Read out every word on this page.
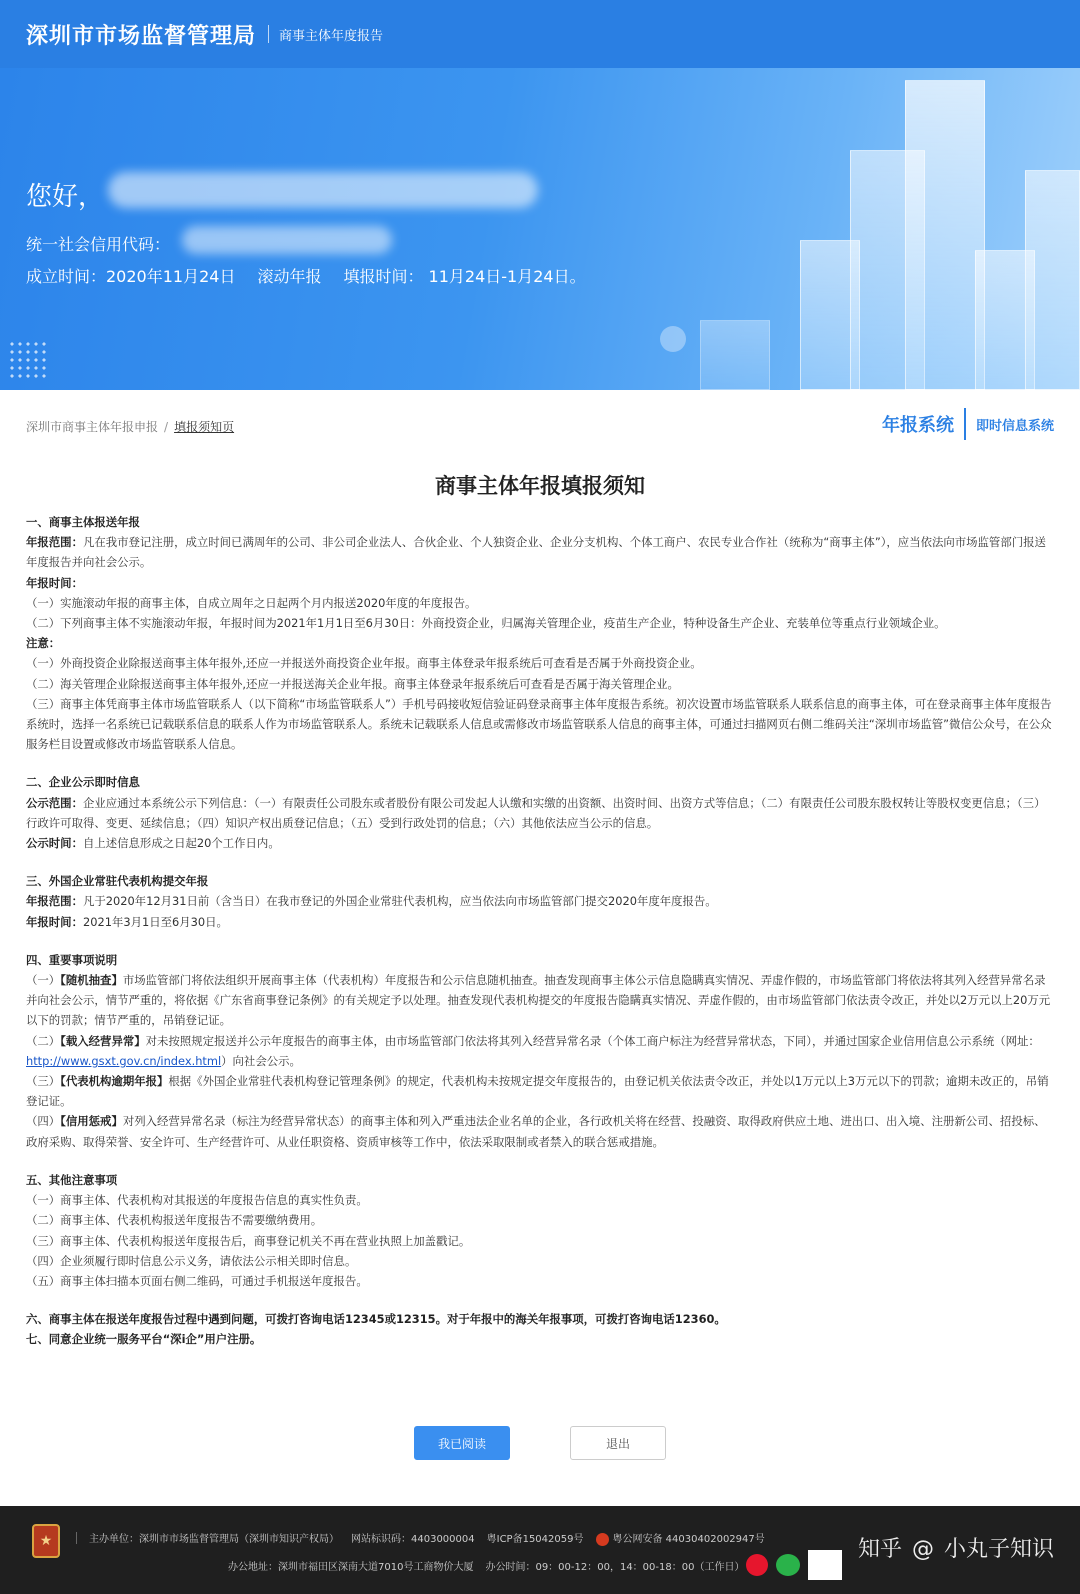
深圳市市场监督管理局 商事主体年度报告
您好，
统一社会信用代码：
成立时间：2020年11月24日 滚动年报 填报时间： 11月24日-1月24日。
深圳市商事主体年报申报 / 填报须知页	年报系统 即时信息系统
商事主体年报填报须知
一、商事主体报送年报
年报范围：凡在我市登记注册，成立时间已满周年的公司、非公司企业法人、合伙企业、个人独资企业、企业分支机构、个体工商户、农民专业合作社（统称为“商事主体”），应当依法向市场监管部门报送年度报告并向社会公示。
年报时间：
（一）实施滚动年报的商事主体，自成立周年之日起两个月内报送2020年度的年度报告。
（二）下列商事主体不实施滚动年报，年报时间为2021年1月1日至6月30日：外商投资企业，归属海关管理企业，疫苗生产企业，特种设备生产企业、充装单位等重点行业领域企业。
注意：
（一）外商投资企业除报送商事主体年报外,还应一并报送外商投资企业年报。商事主体登录年报系统后可查看是否属于外商投资企业。
（二）海关管理企业除报送商事主体年报外,还应一并报送海关企业年报。商事主体登录年报系统后可查看是否属于海关管理企业。
（三）商事主体凭商事主体市场监管联系人（以下简称“市场监管联系人”）手机号码接收短信验证码登录商事主体年度报告系统。初次设置市场监管联系人联系信息的商事主体，可在登录商事主体年度报告系统时，选择一名系统已记载联系信息的联系人作为市场监管联系人。系统未记载联系人信息或需修改市场监管联系人信息的商事主体，可通过扫描网页右侧二维码关注“深圳市场监管”微信公众号，在公众服务栏目设置或修改市场监管联系人信息。
二、企业公示即时信息
公示范围：企业应通过本系统公示下列信息：（一）有限责任公司股东或者股份有限公司发起人认缴和实缴的出资额、出资时间、出资方式等信息；（二）有限责任公司股东股权转让等股权变更信息；（三）行政许可取得、变更、延续信息；（四）知识产权出质登记信息；（五）受到行政处罚的信息；（六）其他依法应当公示的信息。
公示时间：自上述信息形成之日起20个工作日内。
三、外国企业常驻代表机构提交年报
年报范围：凡于2020年12月31日前（含当日）在我市登记的外国企业常驻代表机构，应当依法向市场监管部门提交2020年度年度报告。
年报时间：2021年3月1日至6月30日。
四、重要事项说明
（一）【随机抽查】市场监管部门将依法组织开展商事主体（代表机构）年度报告和公示信息随机抽查。抽查发现商事主体公示信息隐瞒真实情况、弄虚作假的，市场监管部门将依法将其列入经营异常名录并向社会公示，情节严重的，将依据《广东省商事登记条例》的有关规定予以处理。抽查发现代表机构提交的年度报告隐瞒真实情况、弄虚作假的，由市场监管部门依法责令改正，并处以2万元以上20万元以下的罚款；情节严重的，吊销登记证。
（二）【载入经营异常】对未按照规定报送并公示年度报告的商事主体，由市场监管部门依法将其列入经营异常名录（个体工商户标注为经营异常状态，下同），并通过国家企业信用信息公示系统（网址：http://www.gsxt.gov.cn/index.html）向社会公示。
（三）【代表机构逾期年报】根据《外国企业常驻代表机构登记管理条例》的规定，代表机构未按规定提交年度报告的，由登记机关依法责令改正，并处以1万元以上3万元以下的罚款；逾期未改正的，吊销登记证。
（四）【信用惩戒】对列入经营异常名录（标注为经营异常状态）的商事主体和列入严重违法企业名单的企业，各行政机关将在经营、投融资、取得政府供应土地、进出口、出入境、注册新公司、招投标、政府采购、取得荣誉、安全许可、生产经营许可、从业任职资格、资质审核等工作中，依法采取限制或者禁入的联合惩戒措施。
五、其他注意事项
（一）商事主体、代表机构对其报送的年度报告信息的真实性负责。
（二）商事主体、代表机构报送年度报告不需要缴纳费用。
（三）商事主体、代表机构报送年度报告后，商事登记机关不再在营业执照上加盖戳记。
（四）企业须履行即时信息公示义务，请依法公示相关即时信息。
（五）商事主体扫描本页面右侧二维码，可通过手机报送年度报告。
六、商事主体在报送年度报告过程中遇到问题，可拨打咨询电话12345或12315。对于年报中的海关年报事项，可拨打咨询电话12360。
七、同意企业统一服务平台“深i企”用户注册。
我已阅读	退出
★	主办单位：深圳市市场监督管理局（深圳市知识产权局） 网站标识码：4403000004 粤ICP备15042059号	粤公网安备 44030402002947号
办公地址：深圳市福田区深南大道7010号工商物价大厦 办公时间：09：00-12：00，14：00-18：00（工作日）
知乎 @ 小丸子知识
